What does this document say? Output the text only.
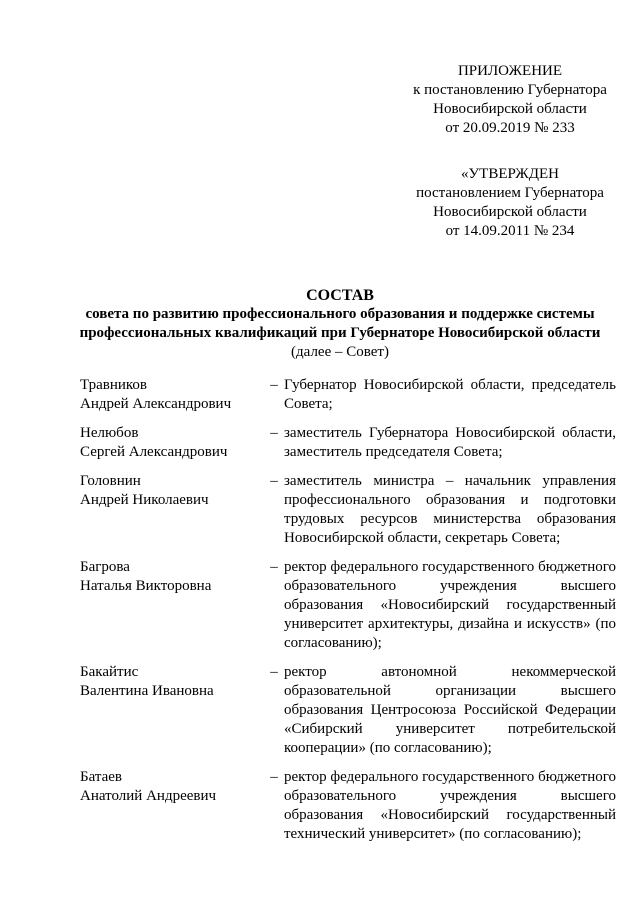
ПРИЛОЖЕНИЕ
к постановлению Губернатора
Новосибирской области
от 20.09.2019 № 233
«УТВЕРЖДЕН
постановлением Губернатора
Новосибирской области
от 14.09.2011 № 234
СОСТАВ
совета по развитию профессионального образования и поддержке системы
профессиональных квалификаций при Губернаторе Новосибирской области
(далее – Совет)
Травников
Андрей Александрович
– Губернатор Новосибирской области, председатель Совета;
Нелюбов
Сергей Александрович
– заместитель Губернатора Новосибирской области, заместитель председателя Совета;
Головнин
Андрей Николаевич
– заместитель министра – начальник управления профессионального образования и подготовки трудовых ресурсов министерства образования Новосибирской области, секретарь Совета;
Багрова
Наталья Викторовна
– ректор федерального государственного бюджетного образовательного учреждения высшего образования «Новосибирский государственный университет архитектуры, дизайна и искусств» (по согласованию);
Бакайтис
Валентина Ивановна
– ректор автономной некоммерческой образовательной организации высшего образования Центросоюза Российской Федерации «Сибирский университет потребительской кооперации» (по согласованию);
Батаев
Анатолий Андреевич
– ректор федерального государственного бюджетного образовательного учреждения высшего образования «Новосибирский государственный технический университет» (по согласованию);
